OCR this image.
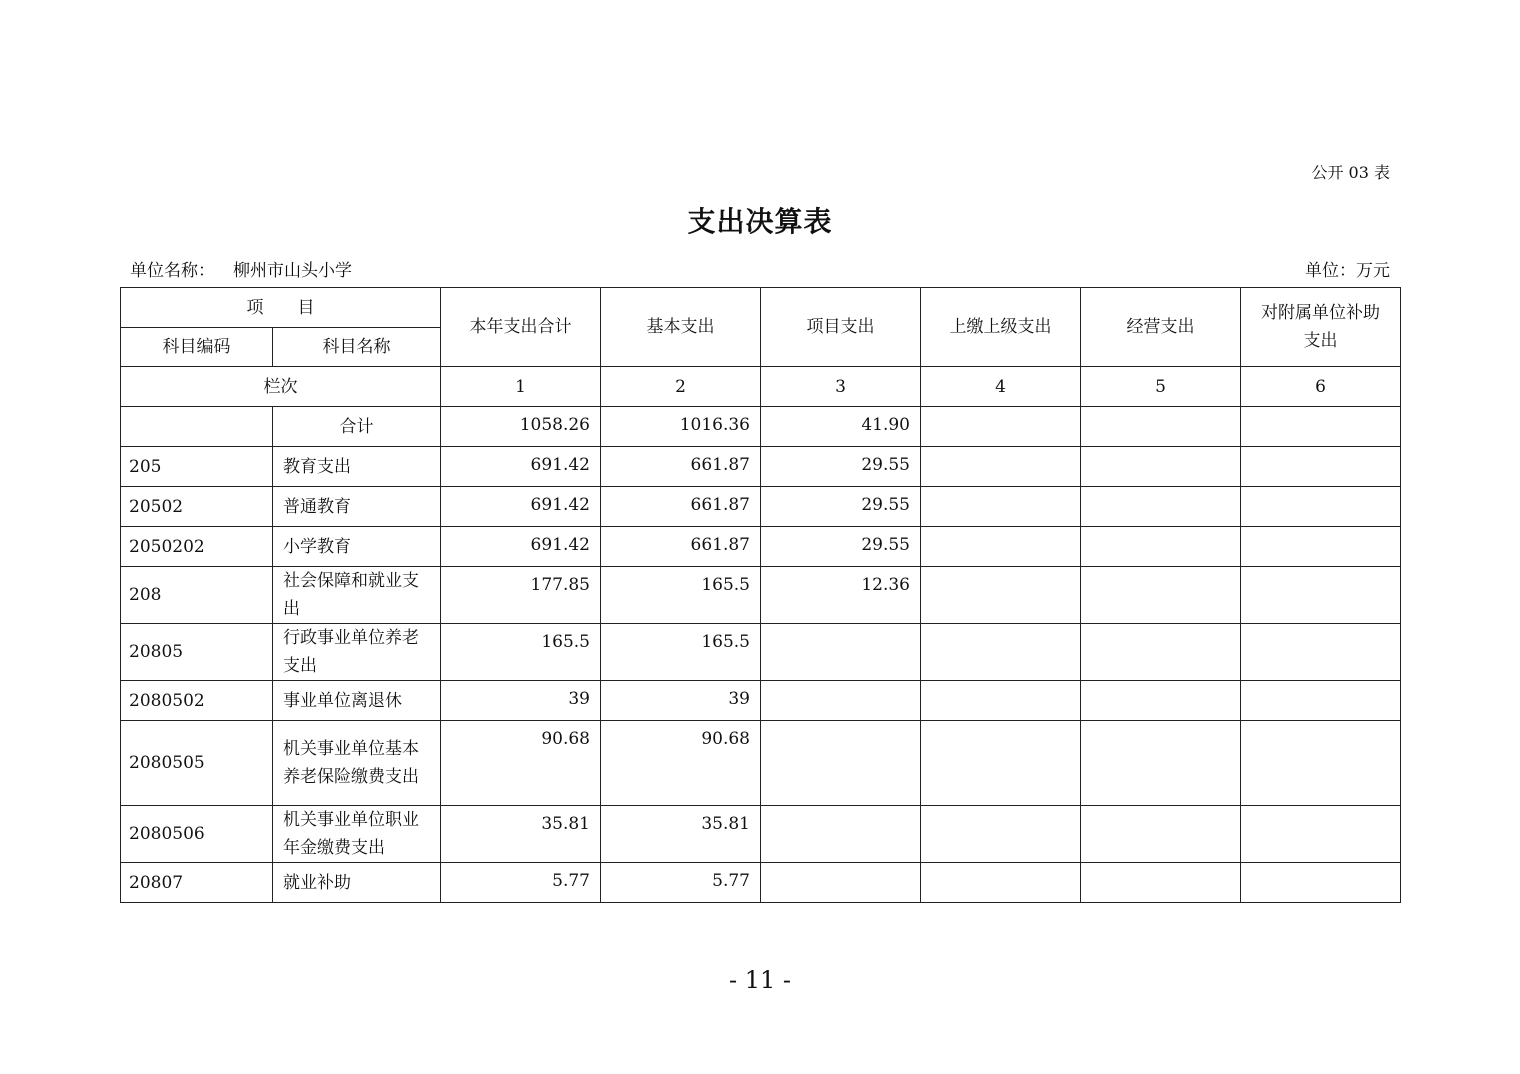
公开 03 表
支出决算表
单位名称： 柳州市山头小学	单位：万元
项　　目		本年支出合计	基本支出	项目支出	上缴上级支出	经营支出	对附属单位补助支出
科目编码	科目名称						
栏次		1	2	3	4	5	6
	合计	1058.26	1016.36	41.90			
205	教育支出	691.42	661.87	29.55			
20502	普通教育	691.42	661.87	29.55			
2050202	小学教育	691.42	661.87	29.55			
208	社会保障和就业支出	177.85	165.5	12.36			
20805	行政事业单位养老支出	165.5	165.5				
2080502	事业单位离退休	39	39				
2080505	机关事业单位基本养老保险缴费支出	90.68	90.68				
2080506	机关事业单位职业年金缴费支出	35.81	35.81				
20807	就业补助	5.77	5.77				
- 11 -
